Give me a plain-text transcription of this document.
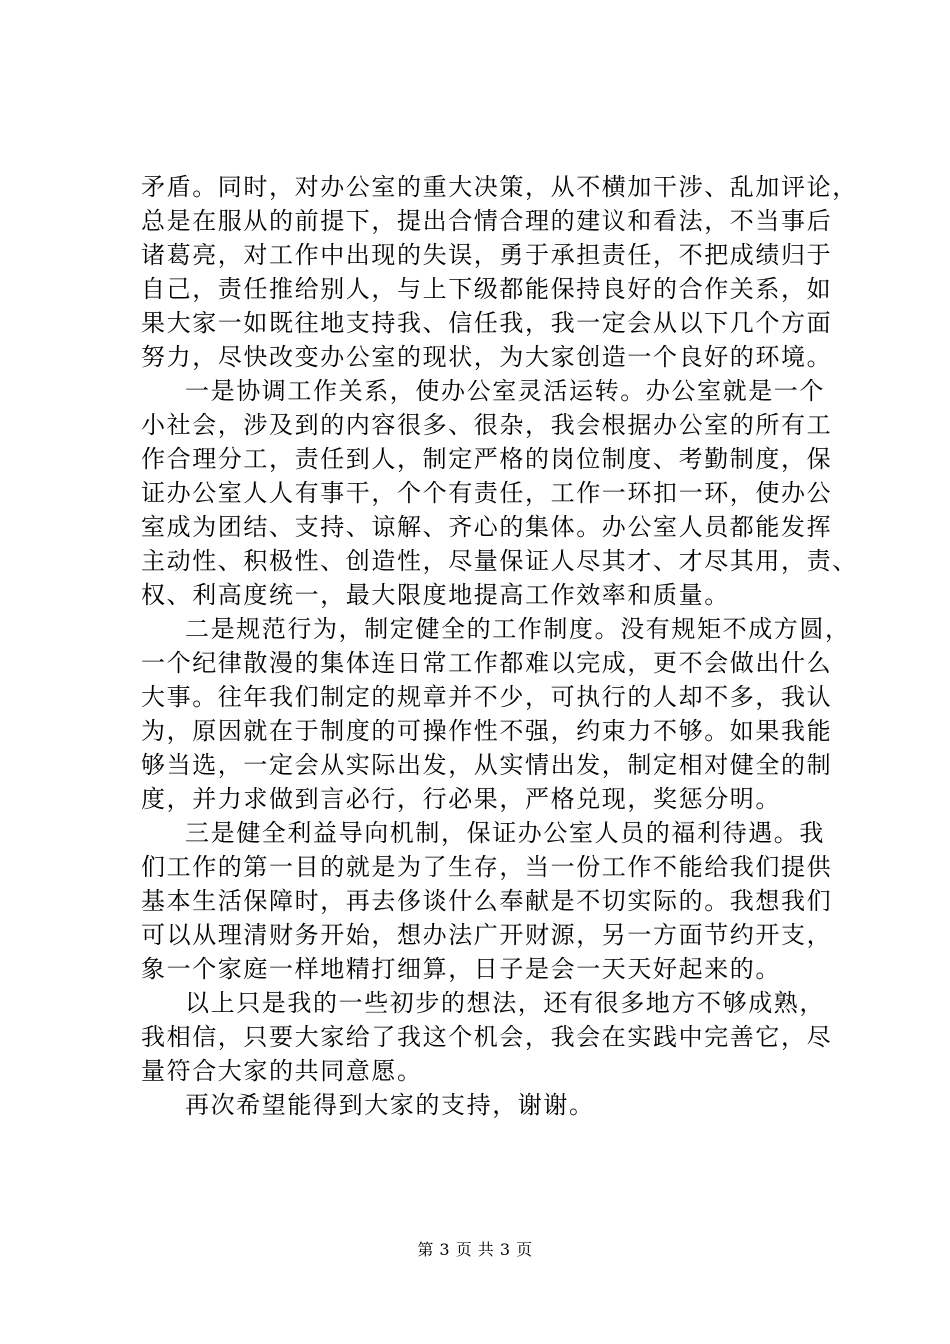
矛盾。同时，对办公室的重大决策，从不横加干涉、乱加评论，
总是在服从的前提下，提出合情合理的建议和看法，不当事后
诸葛亮，对工作中出现的失误，勇于承担责任，不把成绩归于
自己，责任推给别人，与上下级都能保持良好的合作关系，如
果大家一如既往地支持我、信任我，我一定会从以下几个方面
努力，尽快改变办公室的现状，为大家创造一个良好的环境。
一是协调工作关系，使办公室灵活运转。办公室就是一个
小社会，涉及到的内容很多、很杂，我会根据办公室的所有工
作合理分工，责任到人，制定严格的岗位制度、考勤制度，保
证办公室人人有事干，个个有责任，工作一环扣一环，使办公
室成为团结、支持、谅解、齐心的集体。办公室人员都能发挥
主动性、积极性、创造性，尽量保证人尽其才、才尽其用，责、
权、利高度统一，最大限度地提高工作效率和质量。
二是规范行为，制定健全的工作制度。没有规矩不成方圆，
一个纪律散漫的集体连日常工作都难以完成，更不会做出什么
大事。往年我们制定的规章并不少，可执行的人却不多，我认
为，原因就在于制度的可操作性不强，约束力不够。如果我能
够当选，一定会从实际出发，从实情出发，制定相对健全的制
度，并力求做到言必行，行必果，严格兑现，奖惩分明。
三是健全利益导向机制，保证办公室人员的福利待遇。我
们工作的第一目的就是为了生存，当一份工作不能给我们提供
基本生活保障时，再去侈谈什么奉献是不切实际的。我想我们
可以从理清财务开始，想办法广开财源，另一方面节约开支，
象一个家庭一样地精打细算，日子是会一天天好起来的。
以上只是我的一些初步的想法，还有很多地方不够成熟，
我相信，只要大家给了我这个机会，我会在实践中完善它，尽
量符合大家的共同意愿。
再次希望能得到大家的支持，谢谢。
第 3 页 共 3 页
